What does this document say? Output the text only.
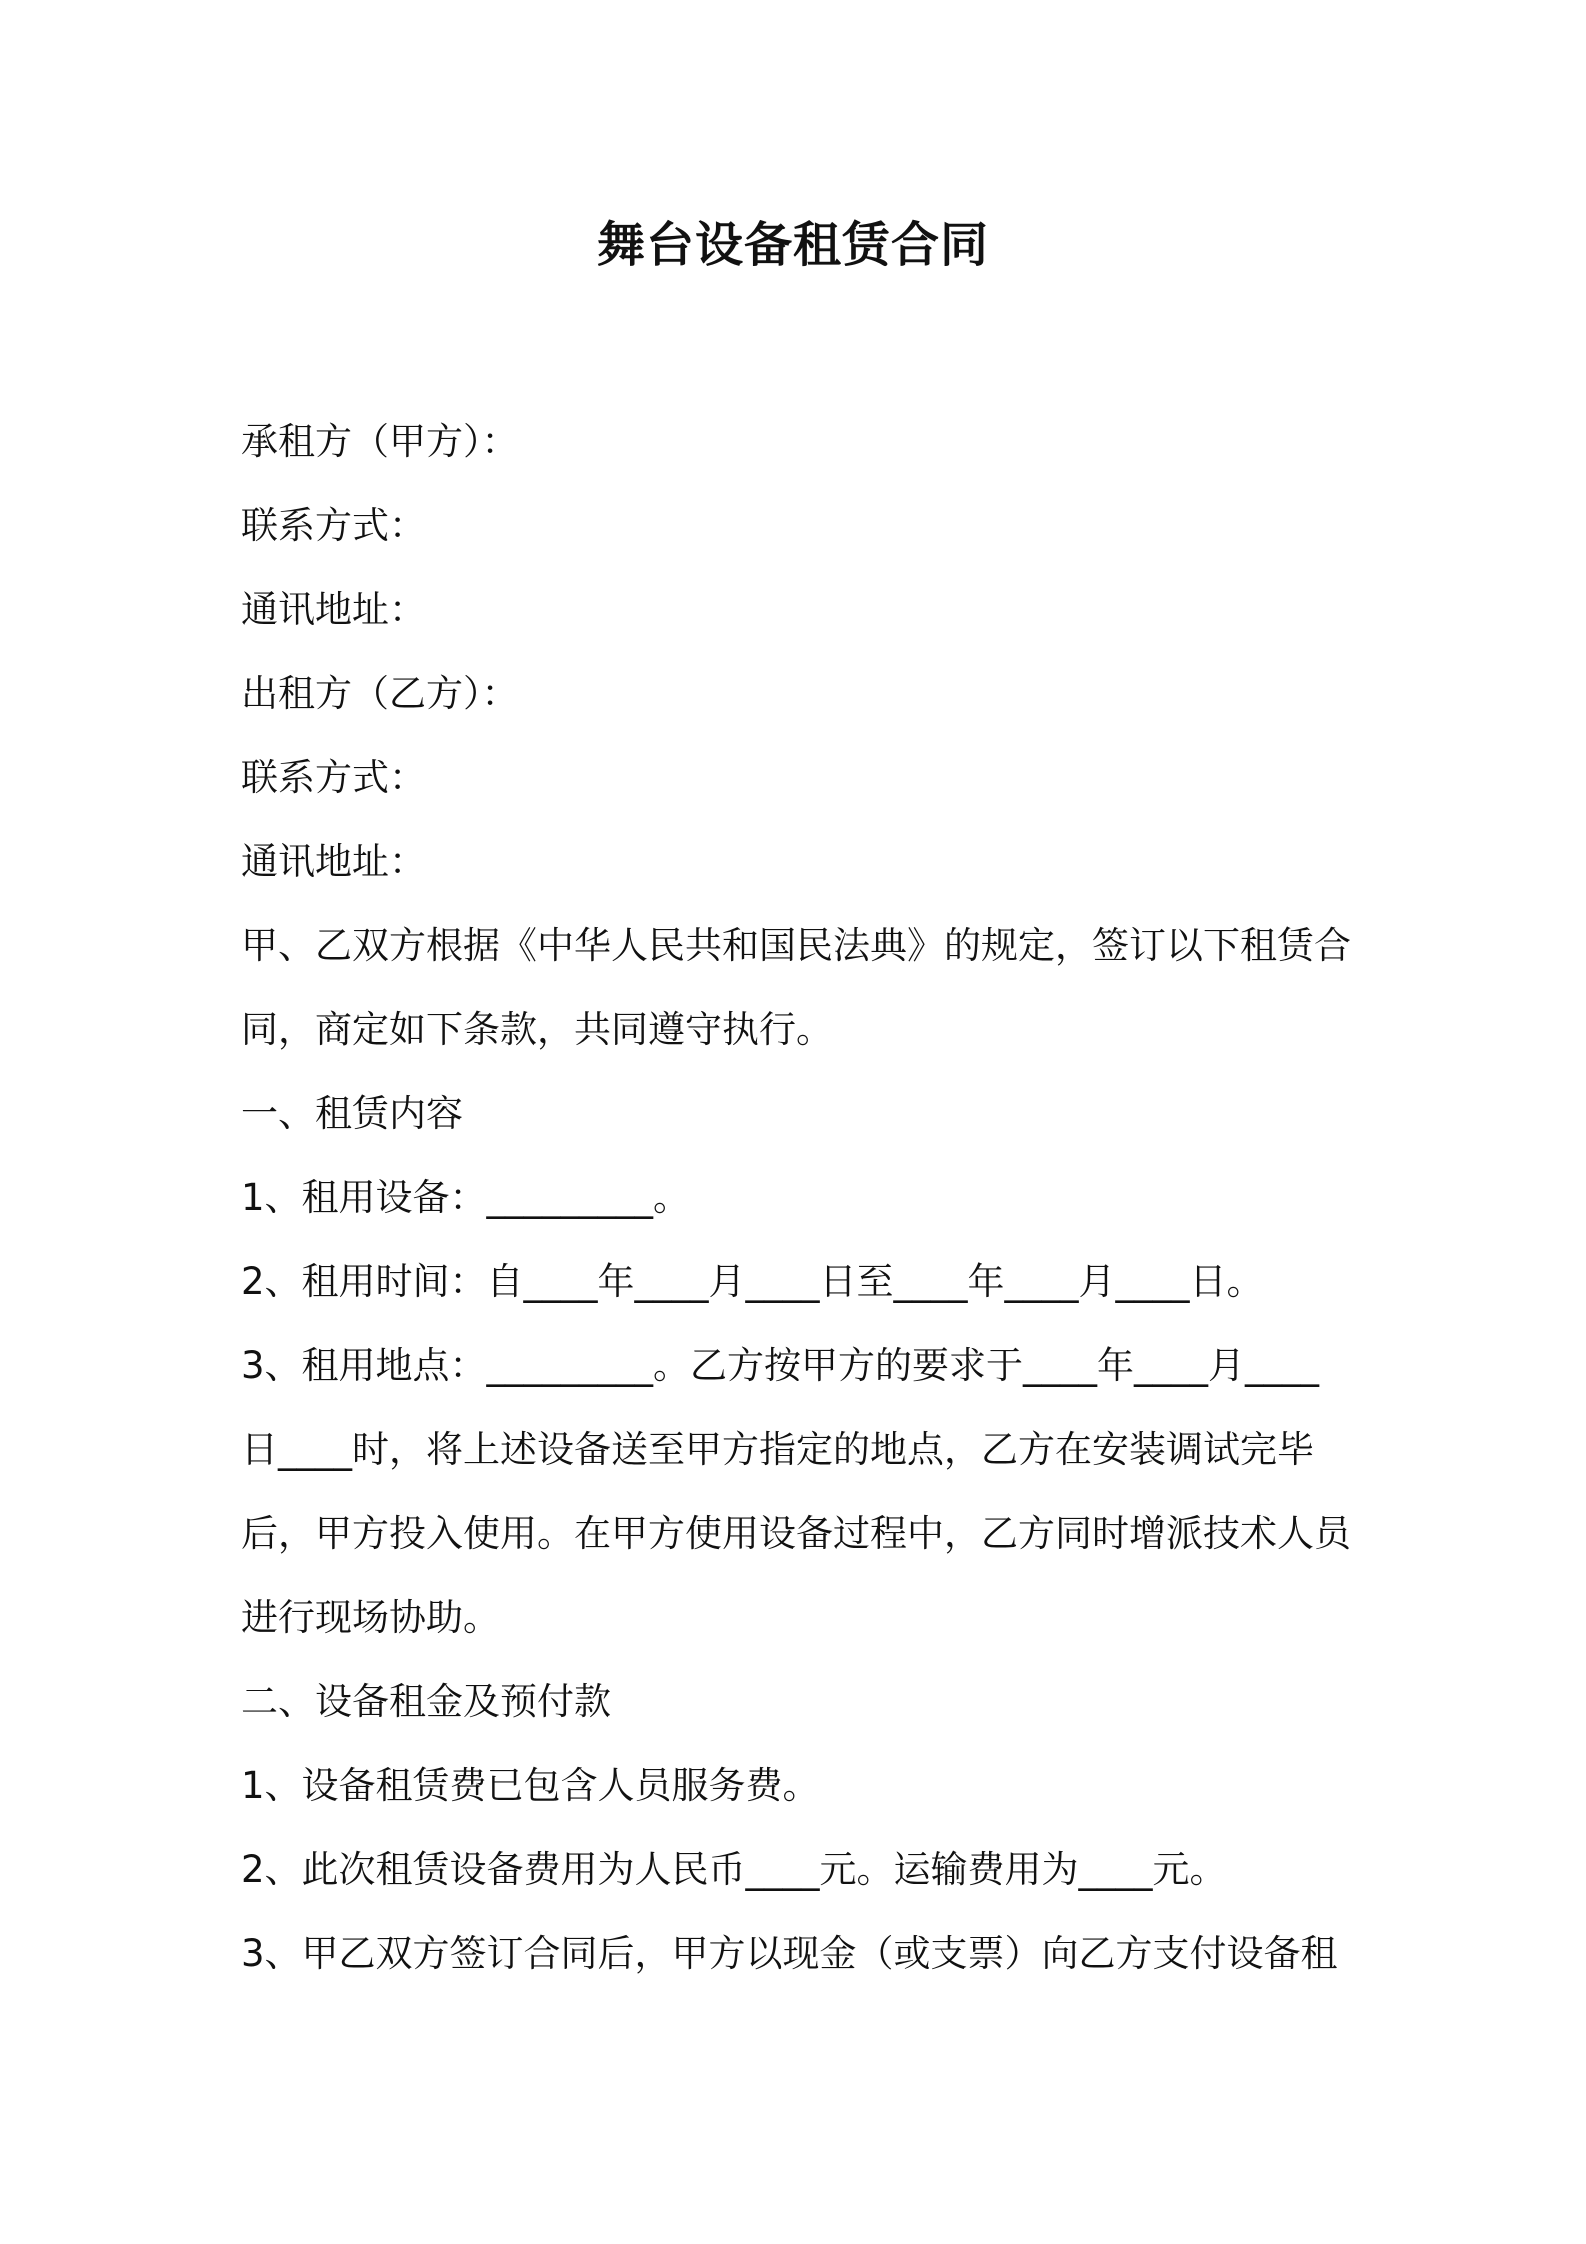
舞台设备租赁合同
承租方（甲方）：
联系方式：
通讯地址：
出租方（乙方）：
联系方式：
通讯地址：
甲、乙双方根据《中华人民共和国民法典》的规定，签订以下租赁合
同，商定如下条款，共同遵守执行。
一、租赁内容
1、租用设备：_________。
2、租用时间：自____年____月____日至____年____月____日。
3、租用地点：_________。乙方按甲方的要求于____年____月____
日____时，将上述设备送至甲方指定的地点，乙方在安装调试完毕
后，甲方投入使用。在甲方使用设备过程中，乙方同时增派技术人员
进行现场协助。
二、设备租金及预付款
1、设备租赁费已包含人员服务费。
2、此次租赁设备费用为人民币____元。运输费用为____元。
3、甲乙双方签订合同后，甲方以现金（或支票）向乙方支付设备租
